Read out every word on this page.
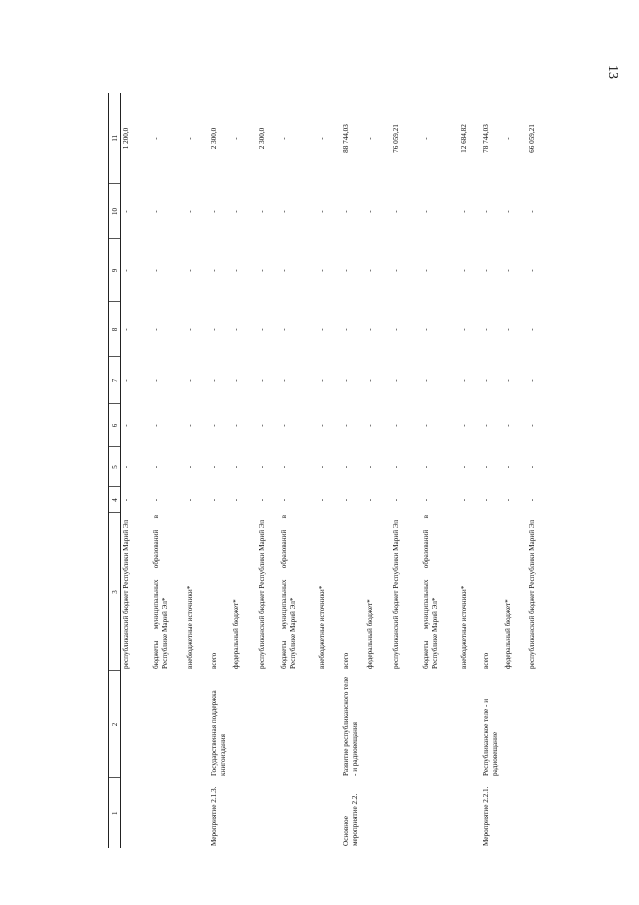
13
1	2	3	4	5	6	7	8	9	10	11
		республиканский бюджет Республики Марий Эл	-	-	-	-	-	-	-	1 200,0
		бюджеты муниципальных образований в Республике Марий Эл*	-	-	-	-	-	-	-	-
		внебюджетные источники*	-	-	-	-	-	-	-	-
Мероприятие 2.1.3.	Государственная поддержка книгоиздания	всего	-	-	-	-	-	-	-	2 300,0
		федеральный бюджет*	-	-	-	-	-	-	-	-
		республиканский бюджет Республики Марий Эл	-	-	-	-	-	-	-	2 300,0
		бюджеты муниципальных образований в Республике Марий Эл*	-	-	-	-	-	-	-	-
		внебюджетные источники*	-	-	-	-	-	-	-	-
Основное мероприятие 2.2.	Развитие республиканского теле - и радиовещания	всего	-	-	-	-	-	-	-	88 744,03
		федеральный бюджет*	-	-	-	-	-	-	-	-
		республиканский бюджет Республики Марий Эл	-	-	-	-	-	-	-	76 059,21
		бюджеты муниципальных образований в Республике Марий Эл*	-	-	-	-	-	-	-	-
		внебюджетные источники*	-	-	-	-	-	-	-	12 684,82
Мероприятие 2.2.1.	Республиканское теле - и радиовещание	всего	-	-	-	-	-	-	-	78 744,03
		федеральный бюджет*	-	-	-	-	-	-	-	-
		республиканский бюджет Республики Марий Эл	-	-	-	-	-	-	-	66 059,21
